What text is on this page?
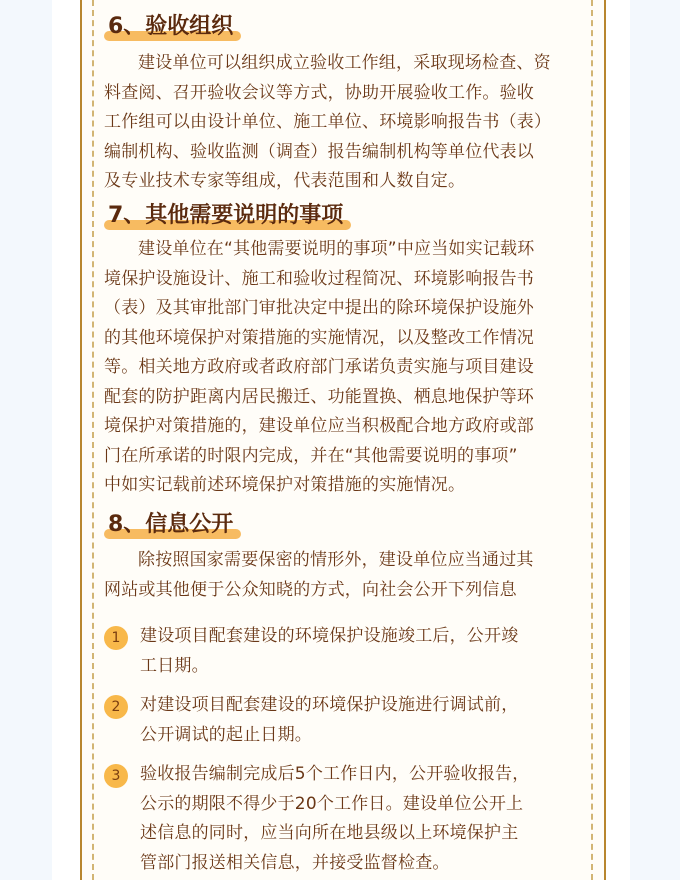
6、验收组织
建设单位可以组织成立验收工作组，采取现场检查、资
料查阅、召开验收会议等方式，协助开展验收工作。验收
工作组可以由设计单位、施工单位、环境影响报告书（表）
编制机构、验收监测（调查）报告编制机构等单位代表以
及专业技术专家等组成，代表范围和人数自定。
7、其他需要说明的事项
建设单位在“其他需要说明的事项”中应当如实记载环
境保护设施设计、施工和验收过程简况、环境影响报告书
（表）及其审批部门审批决定中提出的除环境保护设施外
的其他环境保护对策措施的实施情况，以及整改工作情况
等。相关地方政府或者政府部门承诺负责实施与项目建设
配套的防护距离内居民搬迁、功能置换、栖息地保护等环
境保护对策措施的，建设单位应当积极配合地方政府或部
门在所承诺的时限内完成，并在“其他需要说明的事项”
中如实记载前述环境保护对策措施的实施情况。
8、信息公开
除按照国家需要保密的情形外，建设单位应当通过其
网站或其他便于公众知晓的方式，向社会公开下列信息
1	建设项目配套建设的环境保护设施竣工后，公开竣
工日期。
2	对建设项目配套建设的环境保护设施进行调试前，
公开调试的起止日期。
3	验收报告编制完成后5个工作日内，公开验收报告，
公示的期限不得少于20个工作日。建设单位公开上
述信息的同时，应当向所在地县级以上环境保护主
管部门报送相关信息，并接受监督检查。
